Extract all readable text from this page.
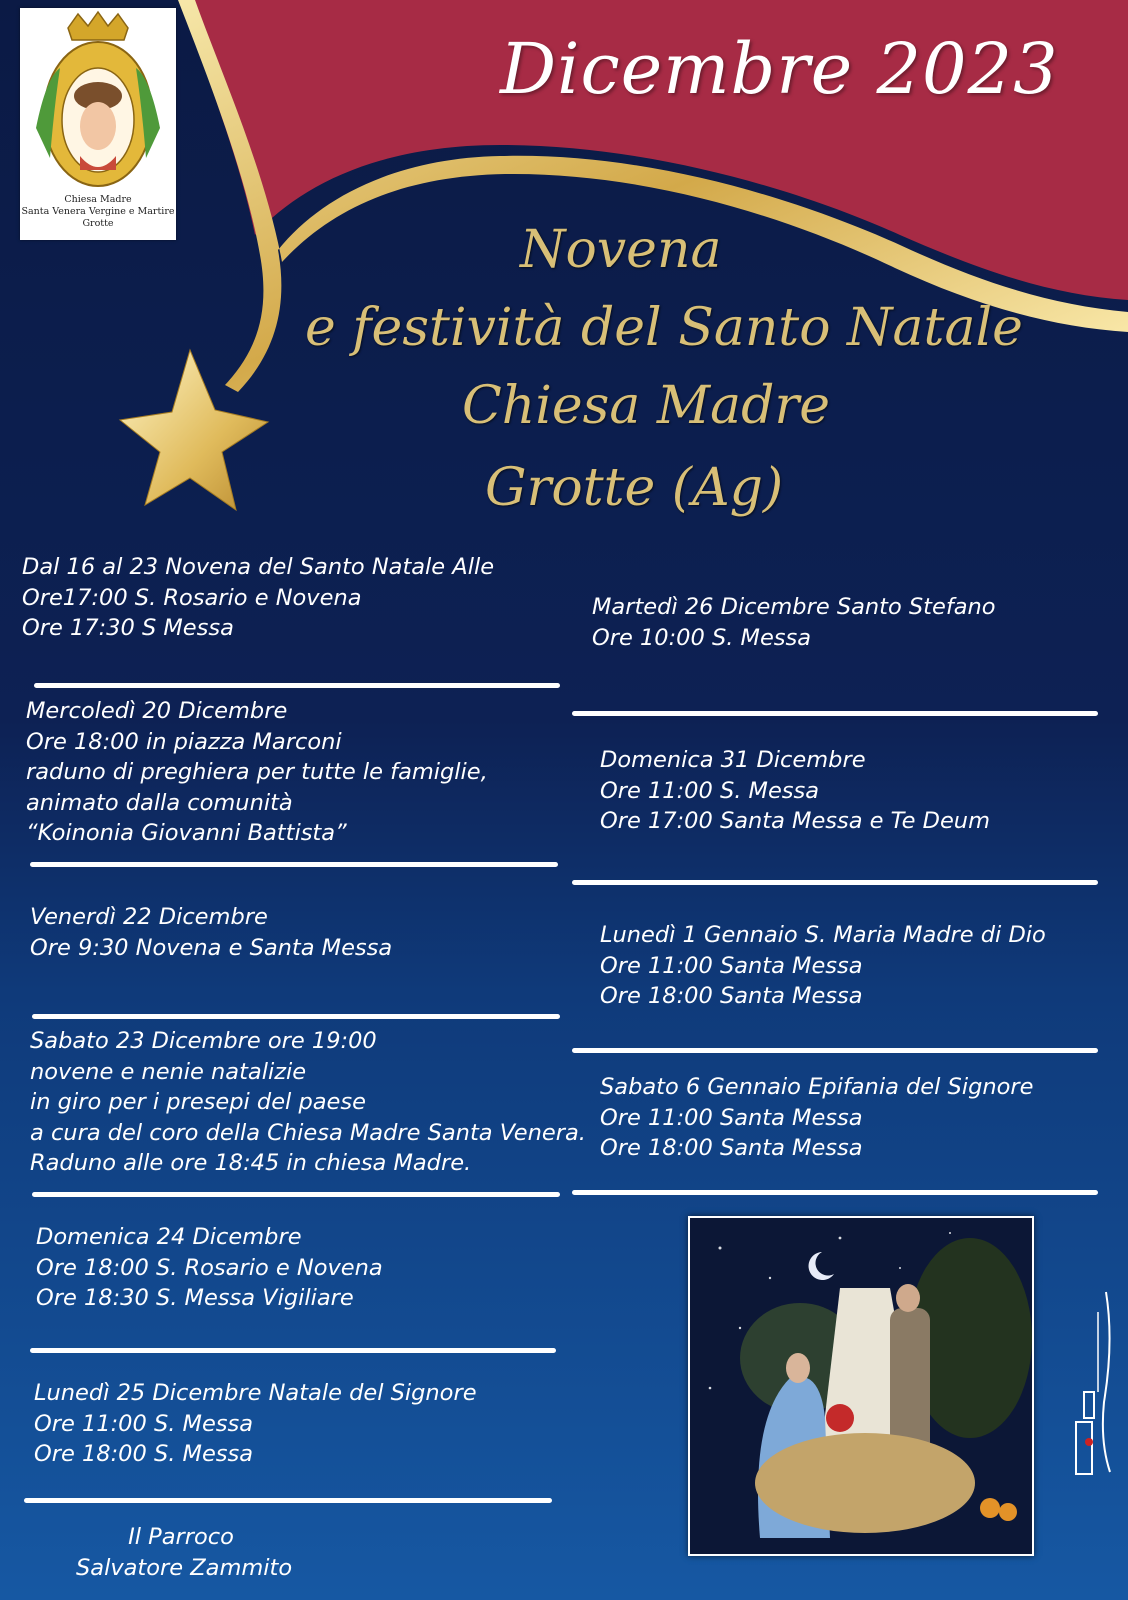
Chiesa Madre
Santa Venera Vergine e Martire
Grotte
Dicembre 2023
Novena
e festività del Santo Natale
Chiesa Madre
Grotte (Ag)
Dal 16 al 23 Novena del Santo Natale Alle
Ore17:00 S. Rosario e Novena
Ore 17:30 S Messa
Mercoledì 20 Dicembre
Ore 18:00 in piazza Marconi
raduno di preghiera per tutte le famiglie,
animato dalla comunità
“Koinonia Giovanni Battista”
Venerdì 22 Dicembre
Ore 9:30 Novena e Santa Messa
Sabato 23 Dicembre ore 19:00
novene e nenie natalizie
in giro per i presepi del paese
a cura del coro della Chiesa Madre Santa Venera.
Raduno alle ore 18:45 in chiesa Madre.
Domenica 24 Dicembre
Ore 18:00 S. Rosario e Novena
Ore 18:30 S. Messa Vigiliare
Lunedì 25 Dicembre Natale del Signore
Ore 11:00 S. Messa
Ore 18:00 S. Messa
Martedì 26 Dicembre Santo Stefano
Ore 10:00 S. Messa
Domenica 31 Dicembre
Ore 11:00 S. Messa
Ore 17:00 Santa Messa e Te Deum
Lunedì 1 Gennaio S. Maria Madre di Dio
Ore 11:00 Santa Messa
Ore 18:00 Santa Messa
Sabato 6 Gennaio Epifania del Signore
Ore 11:00 Santa Messa
Ore 18:00 Santa Messa
Il Parroco
Salvatore Zammito
